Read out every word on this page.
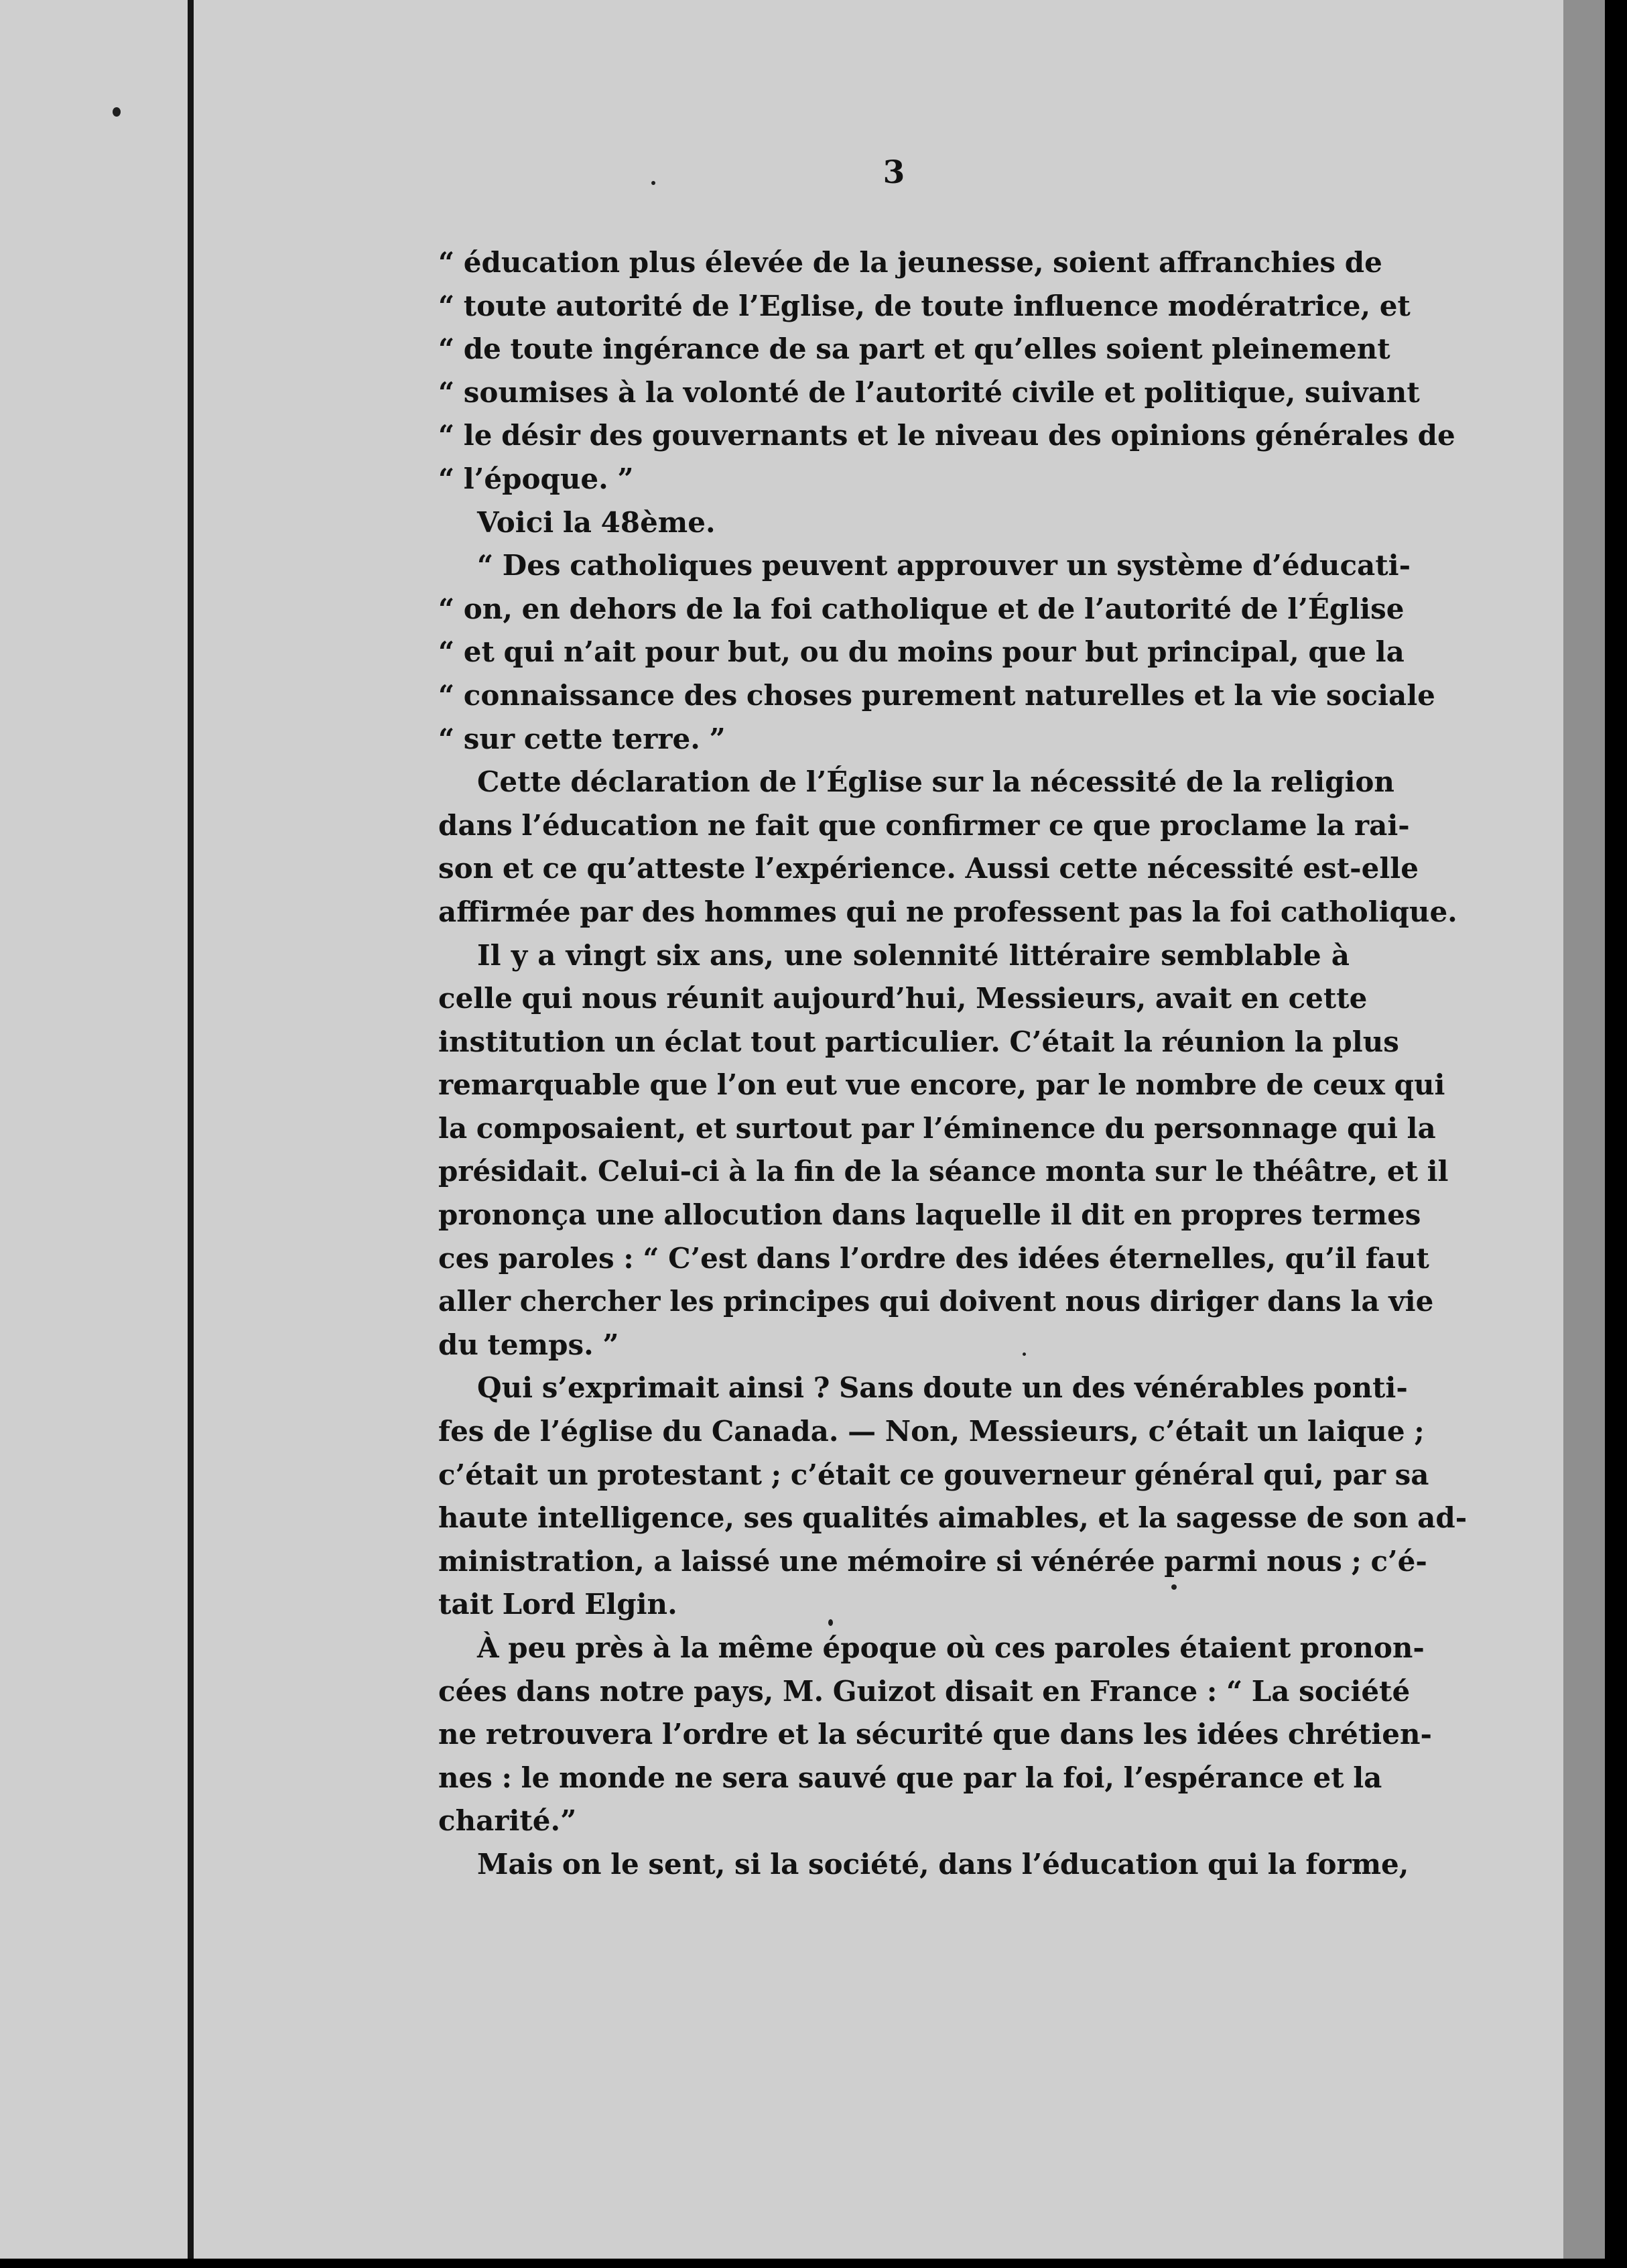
3
“ éducation plus élevée de la jeunesse, soient affranchies de
“ toute autorité de l’Eglise, de toute influence modératrice, et
“ de toute ingérance de sa part et qu’elles soient pleinement
“ soumises à la volonté de l’autorité civile et politique, suivant
“ le désir des gouvernants et le niveau des opinions générales de
“ l’époque. ”
Voici la 48ème.
“ Des catholiques peuvent approuver un système d’éducati-
“ on, en dehors de la foi catholique et de l’autorité de l’Église
“ et qui n’ait pour but, ou du moins pour but principal, que la
“ connaissance des choses purement naturelles et la vie sociale
“ sur cette terre. ”
Cette déclaration de l’Église sur la nécessité de la religion
dans l’éducation ne fait que confirmer ce que proclame la rai-
son et ce qu’atteste l’expérience. Aussi cette nécessité est-elle
affirmée par des hommes qui ne professent pas la foi catholique.
Il y a vingt six ans, une solennité littéraire semblable à
celle qui nous réunit aujourd’hui, Messieurs, avait en cette
institution un éclat tout particulier. C’était la réunion la plus
remarquable que l’on eut vue encore, par le nombre de ceux qui
la composaient, et surtout par l’éminence du personnage qui la
présidait. Celui-ci à la fin de la séance monta sur le théâtre, et il
prononça une allocution dans laquelle il dit en propres termes
ces paroles : “ C’est dans l’ordre des idées éternelles, qu’il faut
aller chercher les principes qui doivent nous diriger dans la vie
du temps. ”
Qui s’exprimait ainsi ? Sans doute un des vénérables ponti-
fes de l’église du Canada. — Non, Messieurs, c’était un laique ;
c’était un protestant ; c’était ce gouverneur général qui, par sa
haute intelligence, ses qualités aimables, et la sagesse de son ad-
ministration, a laissé une mémoire si vénérée parmi nous ; c’é-
tait Lord Elgin.
À peu près à la même époque où ces paroles étaient pronon-
cées dans notre pays, M. Guizot disait en France : “ La société
ne retrouvera l’ordre et la sécurité que dans les idées chrétien-
nes : le monde ne sera sauvé que par la foi, l’espérance et la
charité.”
Mais on le sent, si la société, dans l’éducation qui la forme,
